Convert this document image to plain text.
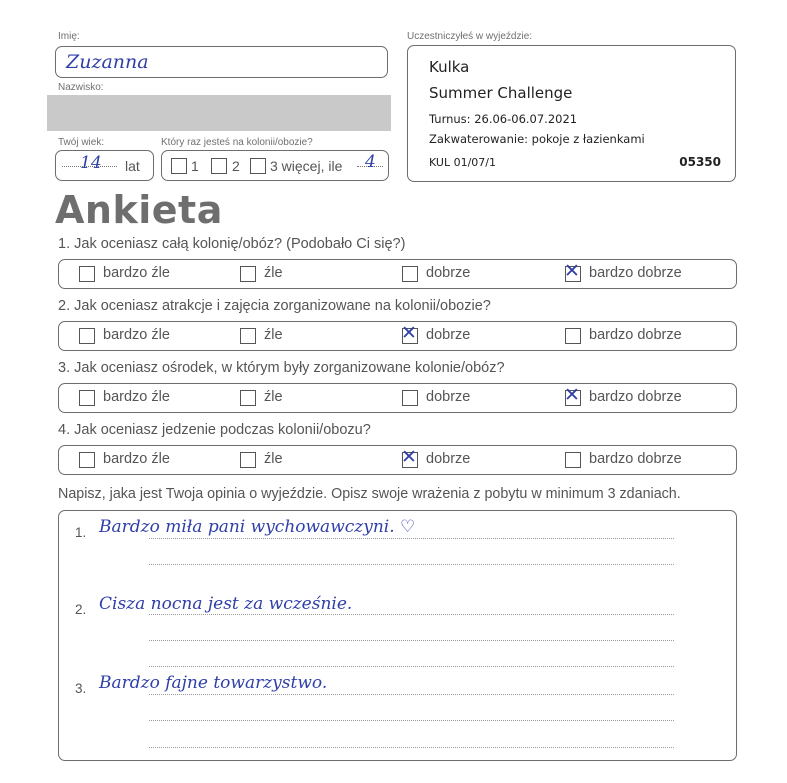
Imię:
Zuzanna
Nazwisko:
Twój wiek:
14 lat
Który raz jesteś na kolonii/obozie?
1 2 3 więcej, ile 4
Uczestniczyłeś w wyjeździe:
Kulka
Summer Challenge
Turnus: 26.06-06.07.2021
Zakwaterowanie: pokoje z łazienkami
KUL 01/07/1	05350
Ankieta
1. Jak oceniasz całą kolonię/obóz? (Podobało Ci się?)
bardzo źle	źle	dobrze	✕ bardzo dobrze
2. Jak oceniasz atrakcje i zajęcia zorganizowane na kolonii/obozie?
bardzo źle	źle	✕ dobrze	bardzo dobrze
3. Jak oceniasz ośrodek, w którym były zorganizowane kolonie/obóz?
bardzo źle	źle	dobrze	✕ bardzo dobrze
4. Jak oceniasz jedzenie podczas kolonii/obozu?
bardzo źle	źle	✕ dobrze	bardzo dobrze
Napisz, jaka jest Twoja opinia o wyjeździe. Opisz swoje wrażenia z pobytu w minimum 3 zdaniach.
1. Bardzo miła pani wychowawczyni. ♡
2. Cisza nocna jest za wcześnie.
3. Bardzo fajne towarzystwo.
